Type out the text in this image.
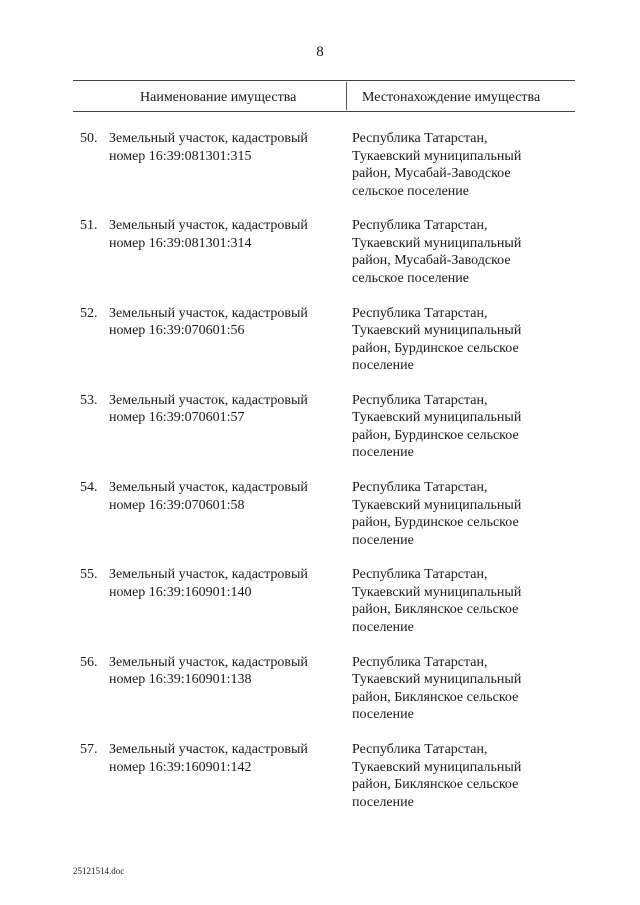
8
Наименование имущества	Местонахождение имущества
50. Земельный участок, кадастровый номер 16:39:081301:315
Республика Татарстан,
Тукаевский муниципальный
район, Мусабай-Заводское
сельское поселение
51. Земельный участок, кадастровый номер 16:39:081301:314
Республика Татарстан,
Тукаевский муниципальный
район, Мусабай-Заводское
сельское поселение
52. Земельный участок, кадастровый номер 16:39:070601:56
Республика Татарстан,
Тукаевский муниципальный
район, Бурдинское сельское
поселение
53. Земельный участок, кадастровый номер 16:39:070601:57
Республика Татарстан,
Тукаевский муниципальный
район, Бурдинское сельское
поселение
54. Земельный участок, кадастровый номер 16:39:070601:58
Республика Татарстан,
Тукаевский муниципальный
район, Бурдинское сельское
поселение
55. Земельный участок, кадастровый номер 16:39:160901:140
Республика Татарстан,
Тукаевский муниципальный
район, Биклянское сельское
поселение
56. Земельный участок, кадастровый номер 16:39:160901:138
Республика Татарстан,
Тукаевский муниципальный
район, Биклянское сельское
поселение
57. Земельный участок, кадастровый номер 16:39:160901:142
Республика Татарстан,
Тукаевский муниципальный
район, Биклянское сельское
поселение
25121514.doc
